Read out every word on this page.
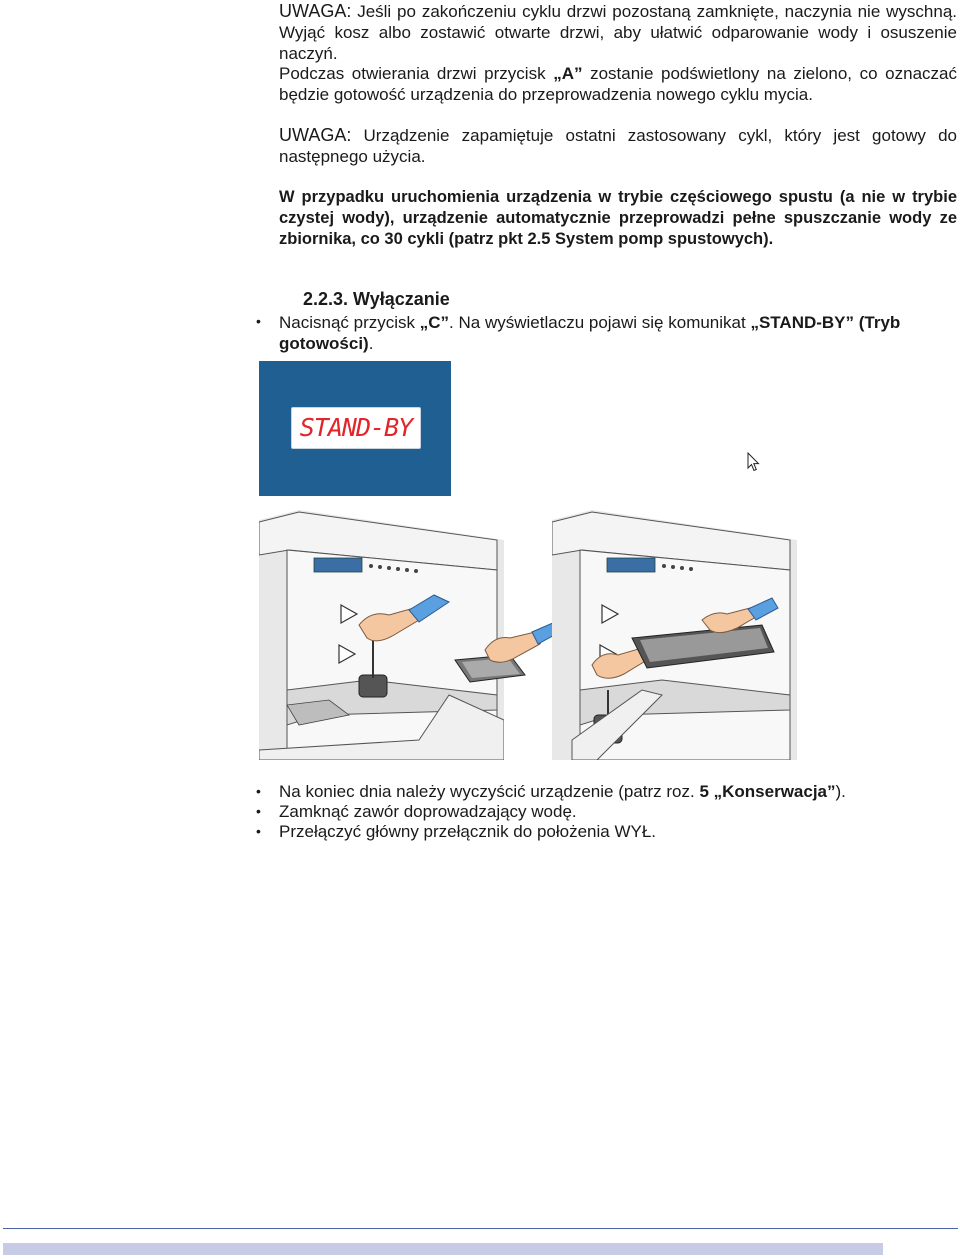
UWAGA: Jeśli po zakończeniu cyklu drzwi pozostaną zamknięte, naczynia nie wyschną. Wyjąć kosz albo zostawić otwarte drzwi, aby ułatwić odparowanie wody i osuszenie naczyń.
Podczas otwierania drzwi przycisk „A” zostanie podświetlony na zielono, co oznaczać będzie gotowość urządzenia do przeprowadzenia nowego cyklu mycia.
UWAGA: Urządzenie zapamiętuje ostatni zastosowany cykl, który jest gotowy do następnego użycia.
W przypadku uruchomienia urządzenia w trybie częściowego spustu (a nie w trybie czystej wody), urządzenie automatycznie przeprowadzi pełne spuszczanie wody ze zbiornika, co 30 cykli (patrz pkt 2.5 System pomp spustowych).
2.2.3. Wyłączanie
• Nacisnąć przycisk „C”. Na wyświetlaczu pojawi się komunikat „STAND-BY” (Tryb gotowości).
STAND-BY
• Na koniec dnia należy wyczyścić urządzenie (patrz roz. 5 „Konserwacja”).
• Zamknąć zawór doprowadzający wodę.
• Przełączyć główny przełącznik do położenia WYŁ.
